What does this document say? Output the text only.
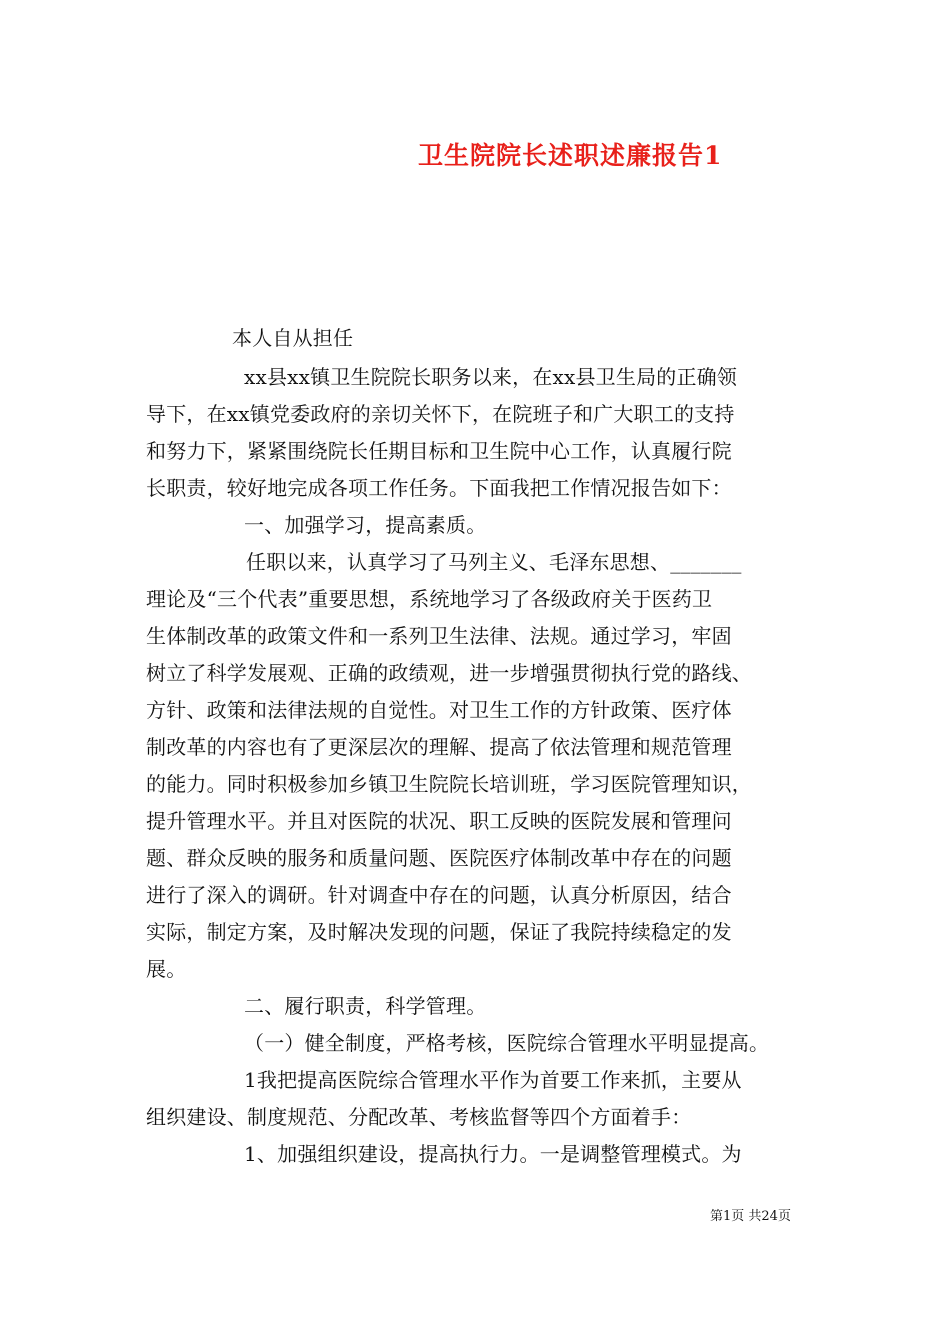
卫生院院长述职述廉报告1
本人自从担任
xx县xx镇卫生院院长职务以来，在xx县卫生局的正确领
导下，在xx镇党委政府的亲切关怀下，在院班子和广大职工的支持
和努力下，紧紧围绕院长任期目标和卫生院中心工作，认真履行院
长职责，较好地完成各项工作任务。下面我把工作情况报告如下：
一、加强学习，提高素质。
任职以来，认真学习了马列主义、毛泽东思想、_______
理论及“三个代表”重要思想，系统地学习了各级政府关于医药卫
生体制改革的政策文件和一系列卫生法律、法规。通过学习，牢固
树立了科学发展观、正确的政绩观，进一步增强贯彻执行党的路线、
方针、政策和法律法规的自觉性。对卫生工作的方针政策、医疗体
制改革的内容也有了更深层次的理解、提高了依法管理和规范管理
的能力。同时积极参加乡镇卫生院院长培训班，学习医院管理知识，
提升管理水平。并且对医院的状况、职工反映的医院发展和管理问
题、群众反映的服务和质量问题、医院医疗体制改革中存在的问题
进行了深入的调研。针对调查中存在的问题，认真分析原因，结合
实际，制定方案，及时解决发现的问题，保证了我院持续稳定的发
展。
二、履行职责，科学管理。
（一）健全制度，严格考核，医院综合管理水平明显提高。
1我把提高医院综合管理水平作为首要工作来抓，主要从
组织建设、制度规范、分配改革、考核监督等四个方面着手：
1、加强组织建设，提高执行力。一是调整管理模式。为
第1页 共24页
